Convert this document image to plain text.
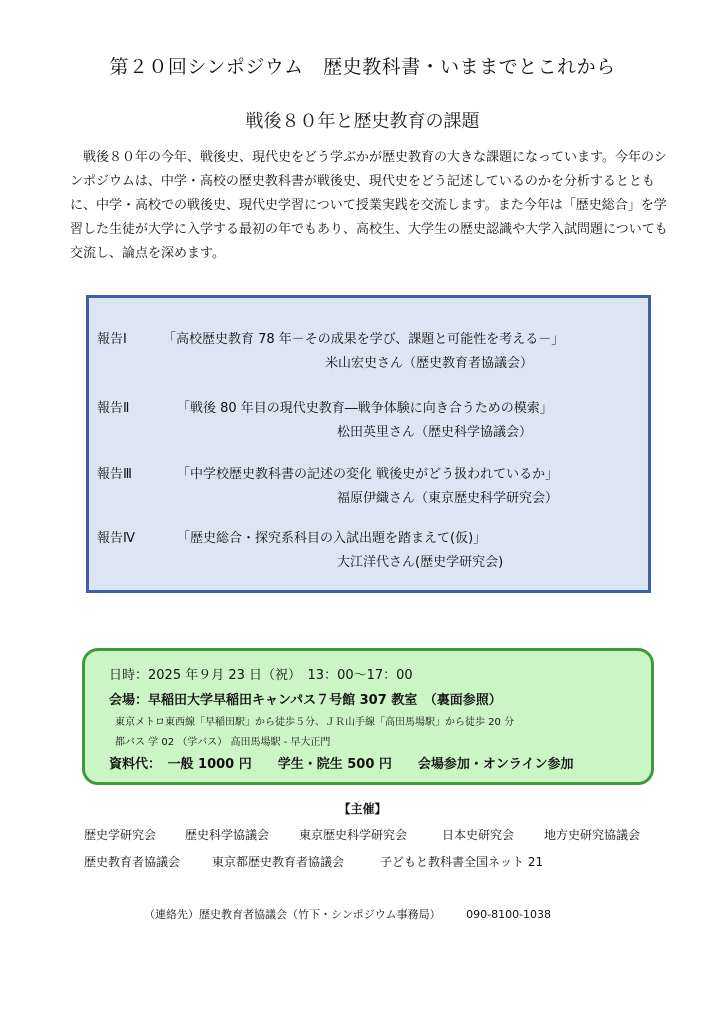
第２０回シンポジウム　歴史教科書・いままでとこれから
戦後８０年と歴史教育の課題

戦後８０年の今年、戦後史、現代史をどう学ぶかが歴史教育の大きな課題になっています。今年のシンポジウムは、中学・高校の歴史教科書が戦後史、現代史をどう記述しているのかを分析するとともに、中学・高校での戦後史、現代史学習について授業実践を交流します。また今年は「歴史総合」を学習した生徒が大学に入学する最初の年でもあり、高校生、大学生の歴史認識や大学入試問題についても交流し、論点を深めます。

報告Ⅰ	「高校歴史教育 78 年－その成果を学び、課題と可能性を考える－」
米山宏史さん（歴史教育者協議会）
報告Ⅱ	「戦後 80 年目の現代史教育―戦争体験に向き合うための模索」
松田英里さん（歴史科学協議会）
報告Ⅲ	「中学校歴史教科書の記述の変化 戦後史がどう扱われているか」
福原伊織さん（東京歴史科学研究会）
報告Ⅳ	「歴史総合・探究系科目の入試出題を踏まえて(仮)」
大江洋代さん(歴史学研究会)
日時：2025 年９月 23 日（祝）　13：00～17：00
会場：早稲田大学早稲田キャンパス７号館 307 教室　（裏面参照）
東京メトロ東西線「早稲田駅」から徒歩５分、ＪＲ山手線「高田馬場駅」から徒歩 20 分
都バス 学 02 （学バス） 高田馬場駅 ‐ 早大正門
資料代：　一般 1000 円　　学生・院生 500 円　　会場参加・オンライン参加
【主催】
歴史学研究会 歴史科学協議会 東京歴史科学研究会	日本史研究会 地方史研究協議会
歴史教育者協議会	東京都歴史教育者協議会	子どもと教科書全国ネット 21
（連絡先）歴史教育者協議会（竹下・シンポジウム事務局） 090-8100-1038
